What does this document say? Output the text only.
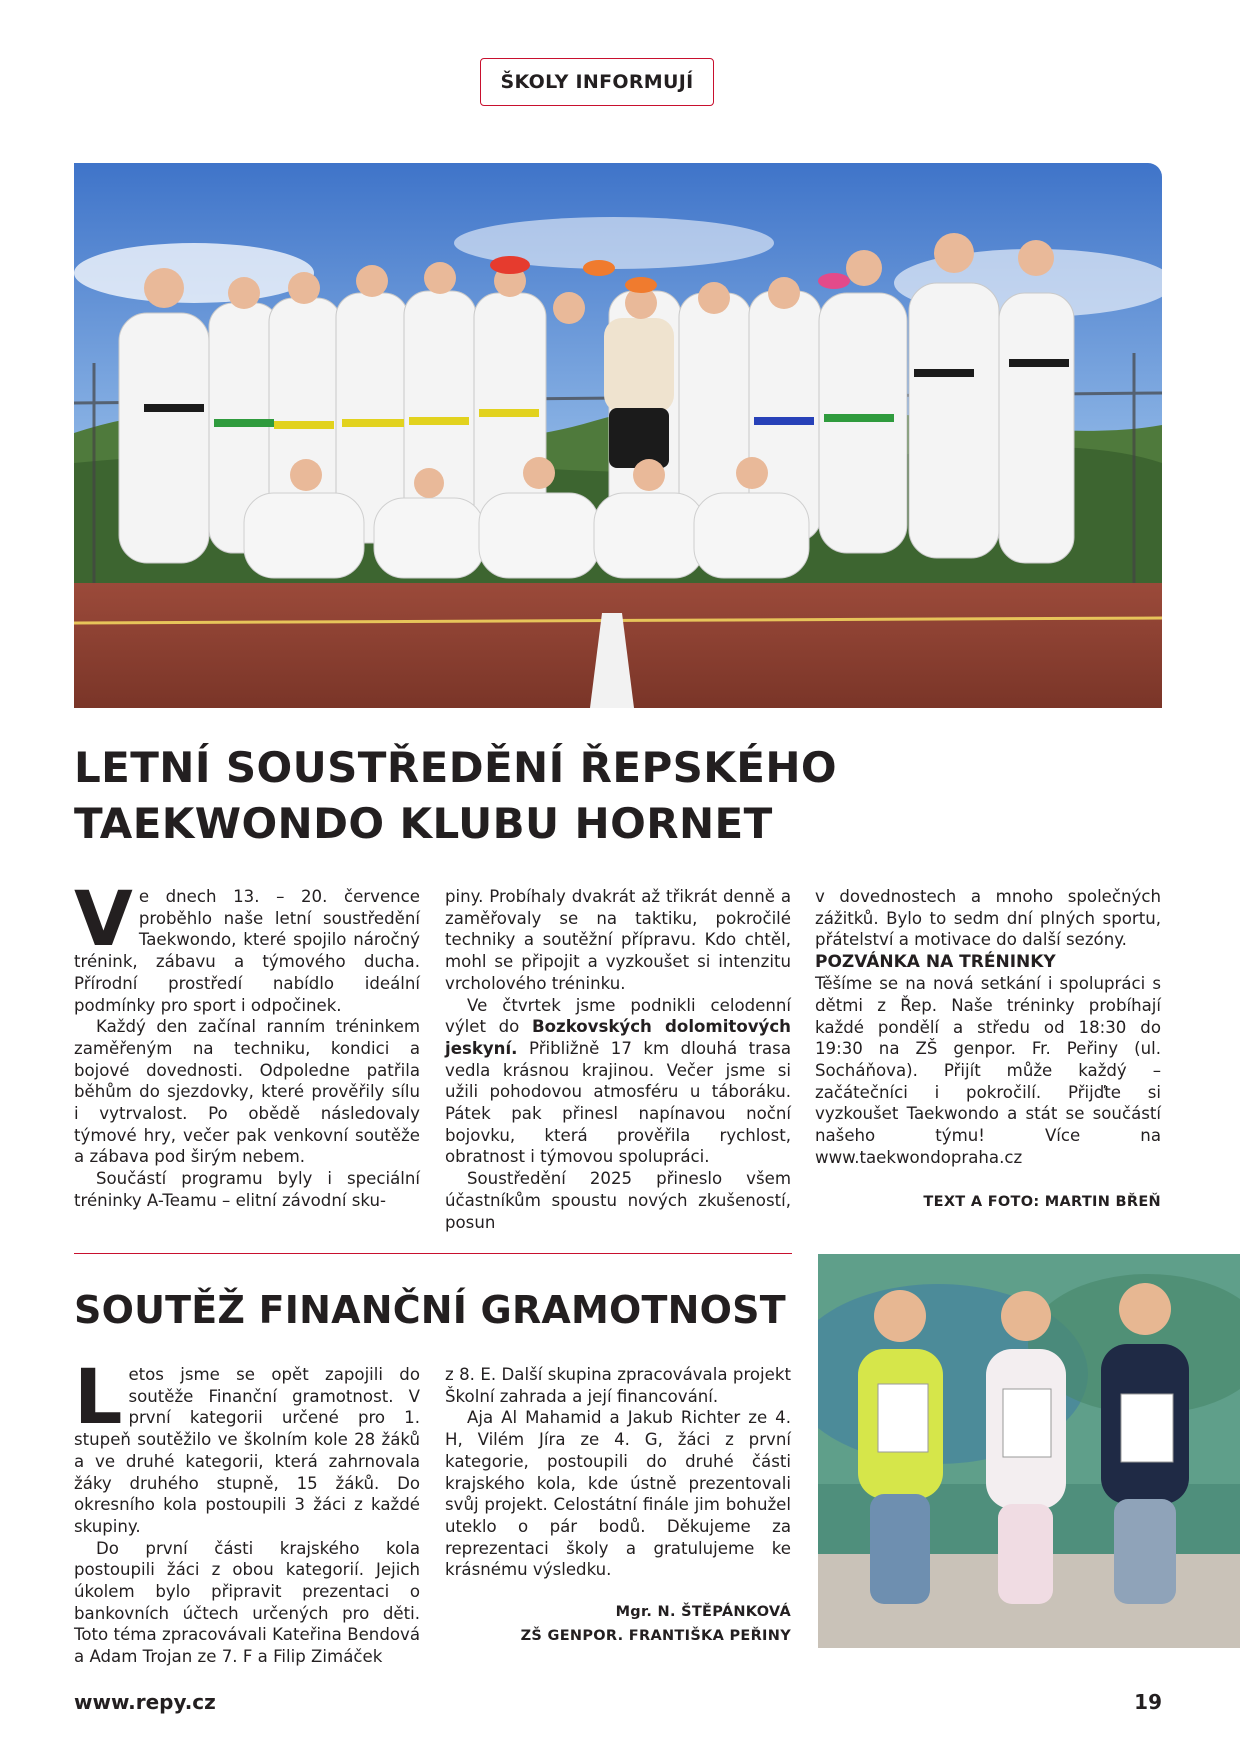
ŠKOLY INFORMUJÍ
LETNÍ SOUSTŘEDĚNÍ ŘEPSKÉHO TAEKWONDO KLUBU HORNET

Ve dnech 13. – 20. července proběhlo naše letní soustředění Taekwondo, které spojilo náročný trénink, zábavu a týmového ducha. Přírodní prostředí nabídlo ideální podmínky pro sport i odpočinek.

Každý den začínal ranním tréninkem zaměřeným na techniku, kondici a bojové dovednosti. Odpoledne patřila běhům do sjezdovky, které prověřily sílu i vytrvalost. Po obědě následovaly týmové hry, večer pak venkovní soutěže a zábava pod širým nebem.

Součástí programu byly i speciální tréninky A-Teamu – elitní závodní sku-

piny. Probíhaly dvakrát až třikrát denně a zaměřovaly se na taktiku, pokročilé techniky a soutěžní přípravu. Kdo chtěl, mohl se připojit a vyzkoušet si intenzitu vrcholového tréninku.

Ve čtvrtek jsme podnikli celodenní výlet do Bozkovských dolomitových jeskyní. Přibližně 17 km dlouhá trasa vedla krásnou krajinou. Večer jsme si užili pohodovou atmosféru u táboráku. Pátek pak přinesl napínavou noční bojovku, která prověřila rychlost, obratnost i týmovou spolupráci.

Soustředění 2025 přineslo všem účastníkům spoustu nových zkušeností, posun

v dovednostech a mnoho společných zážitků. Bylo to sedm dní plných sportu, přátelství a motivace do další sezóny.

POZVÁNKA NA TRÉNINKY

Těšíme se na nová setkání i spolupráci s dětmi z Řep. Naše tréninky probíhají každé pondělí a středu od 18:30 do 19:30 na ZŠ genpor. Fr. Peřiny (ul. Socháňova). Přijít může každý – začátečníci i pokročilí. Přijďte si vyzkoušet Taekwondo a stát se součástí našeho týmu! Více na www.taekwondopraha.cz

TEXT A FOTO: MARTIN BŘEŇ
SOUTĚŽ FINANČNÍ GRAMOTNOST

Letos jsme se opět zapojili do soutěže Finanční gramotnost. V první kategorii určené pro 1. stupeň soutěžilo ve školním kole 28 žáků a ve druhé kategorii, která zahrnovala žáky druhého stupně, 15 žáků. Do okresního kola postoupili 3 žáci z každé skupiny.

Do první části krajského kola postoupili žáci z obou kategorií. Jejich úkolem bylo připravit prezentaci o bankovních účtech určených pro děti. Toto téma zpracovávali Kateřina Bendová a Adam Trojan ze 7. F a Filip Zimáček

z 8. E. Další skupina zpracovávala projekt Školní zahrada a její financování.

Aja Al Mahamid a Jakub Richter ze 4. H, Vilém Jíra ze 4. G, žáci z první kategorie, postoupili do druhé části krajského kola, kde ústně prezentovali svůj projekt. Celostátní finále jim bohužel uteklo o pár bodů. Děkujeme za reprezentaci školy a gratulujeme ke krásnému výsledku.

Mgr. N. ŠTĚPÁNKOVÁ
ZŠ GENPOR. FRANTIŠKA PEŘINY
www.repy.cz	19
